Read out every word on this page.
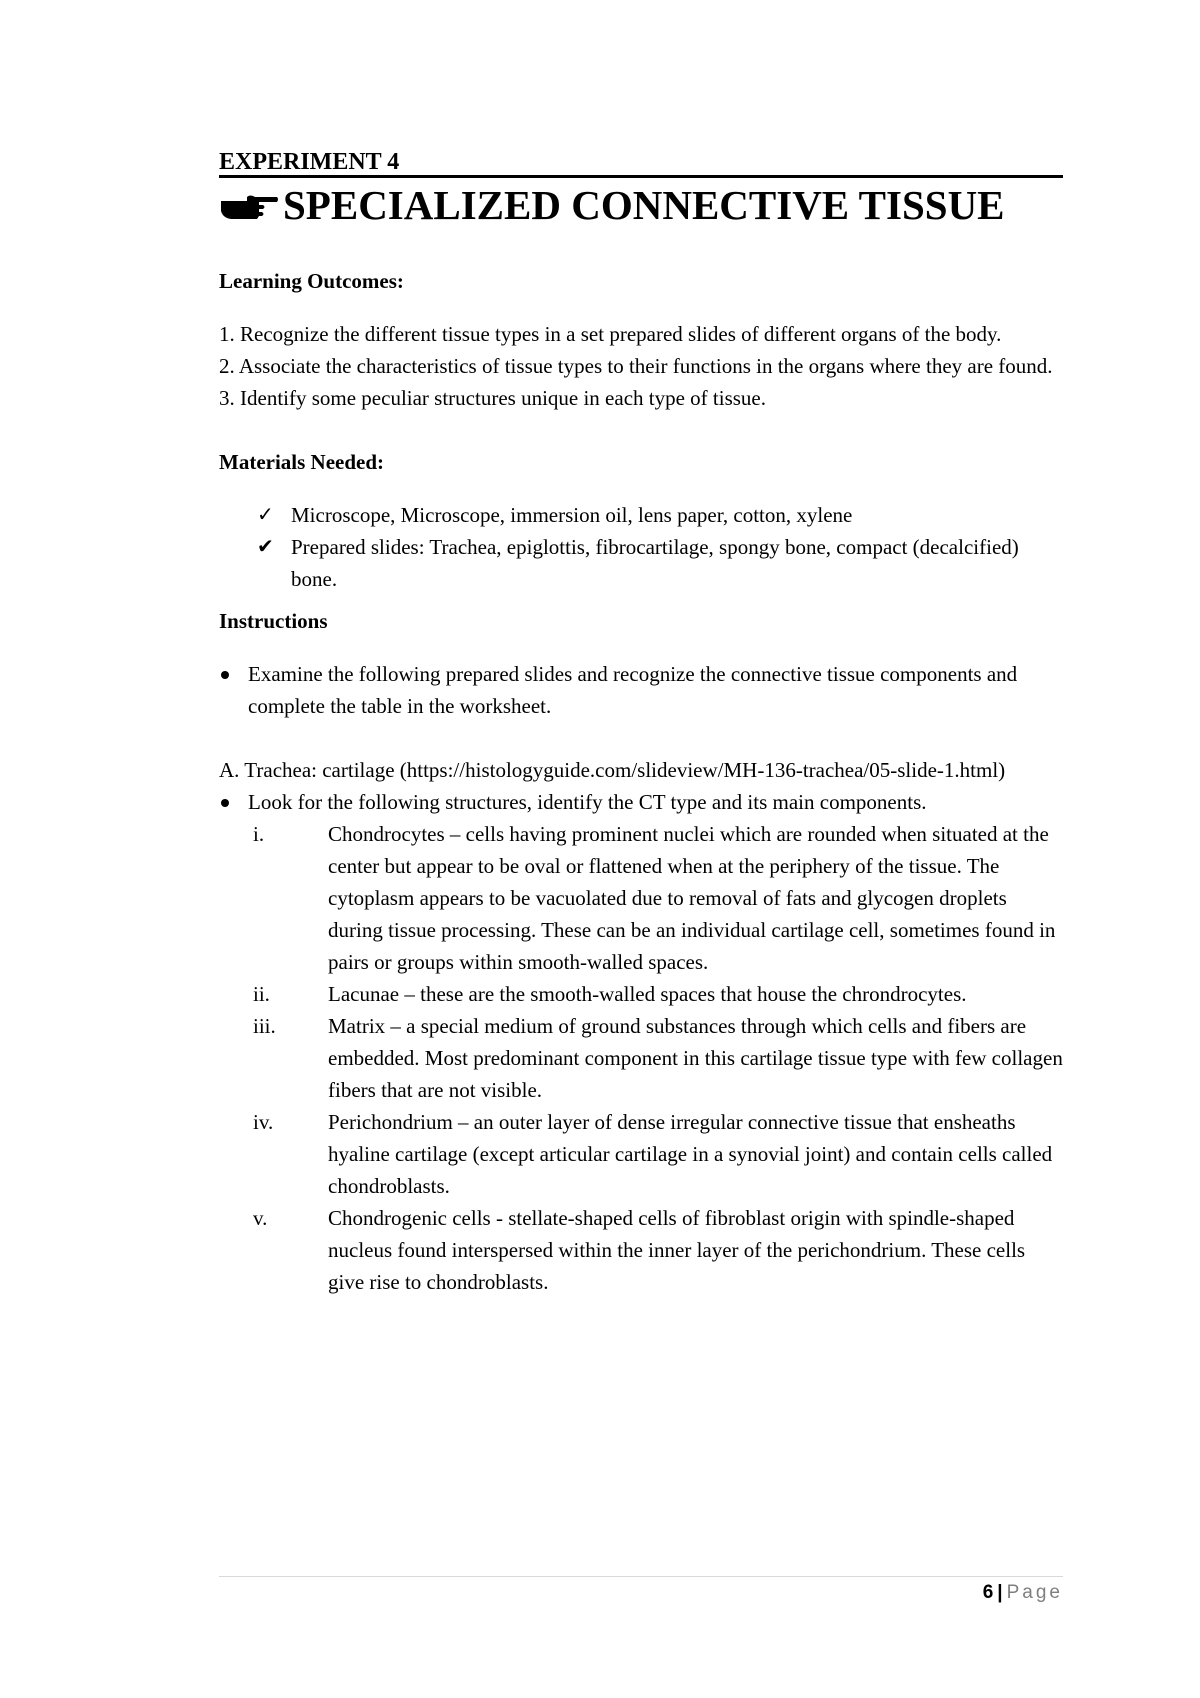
EXPERIMENT 4

SPECIALIZED CONNECTIVE TISSUE

Learning Outcomes:

1. Recognize the different tissue types in a set prepared slides of different organs of the body.

2. Associate the characteristics of tissue types to their functions in the organs where they are found.

3. Identify some peculiar structures unique in each type of tissue.

Materials Needed:

✓ Microscope, Microscope, immersion oil, lens paper, cotton, xylene
✔ Prepared slides: Trachea, epiglottis, fibrocartilage, spongy bone, compact (decalcified) bone.

Instructions

Examine the following prepared slides and recognize the connective tissue components and complete the table in the worksheet.

A. Trachea: cartilage (https://histologyguide.com/slideview/MH-136-trachea/05-slide-1.html)

Look for the following structures, identify the CT type and its main components.
i.	Chondrocytes – cells having prominent nuclei which are rounded when situated at the center but appear to be oval or flattened when at the periphery of the tissue. The cytoplasm appears to be vacuolated due to removal of fats and glycogen droplets during tissue processing. These can be an individual cartilage cell, sometimes found in pairs or groups within smooth-walled spaces.
ii.	Lacunae – these are the smooth-walled spaces that house the chrondrocytes.
iii. Matrix – a special medium of ground substances through which cells and fibers are embedded. Most predominant component in this cartilage tissue type with few collagen fibers that are not visible.
iv.	Perichondrium – an outer layer of dense irregular connective tissue that ensheaths hyaline cartilage (except articular cartilage in a synovial joint) and contain cells called chondroblasts.
v.	Chondrogenic cells - stellate-shaped cells of fibroblast origin with spindle-shaped nucleus found interspersed within the inner layer of the perichondrium. These cells give rise to chondroblasts.
6 | Page
